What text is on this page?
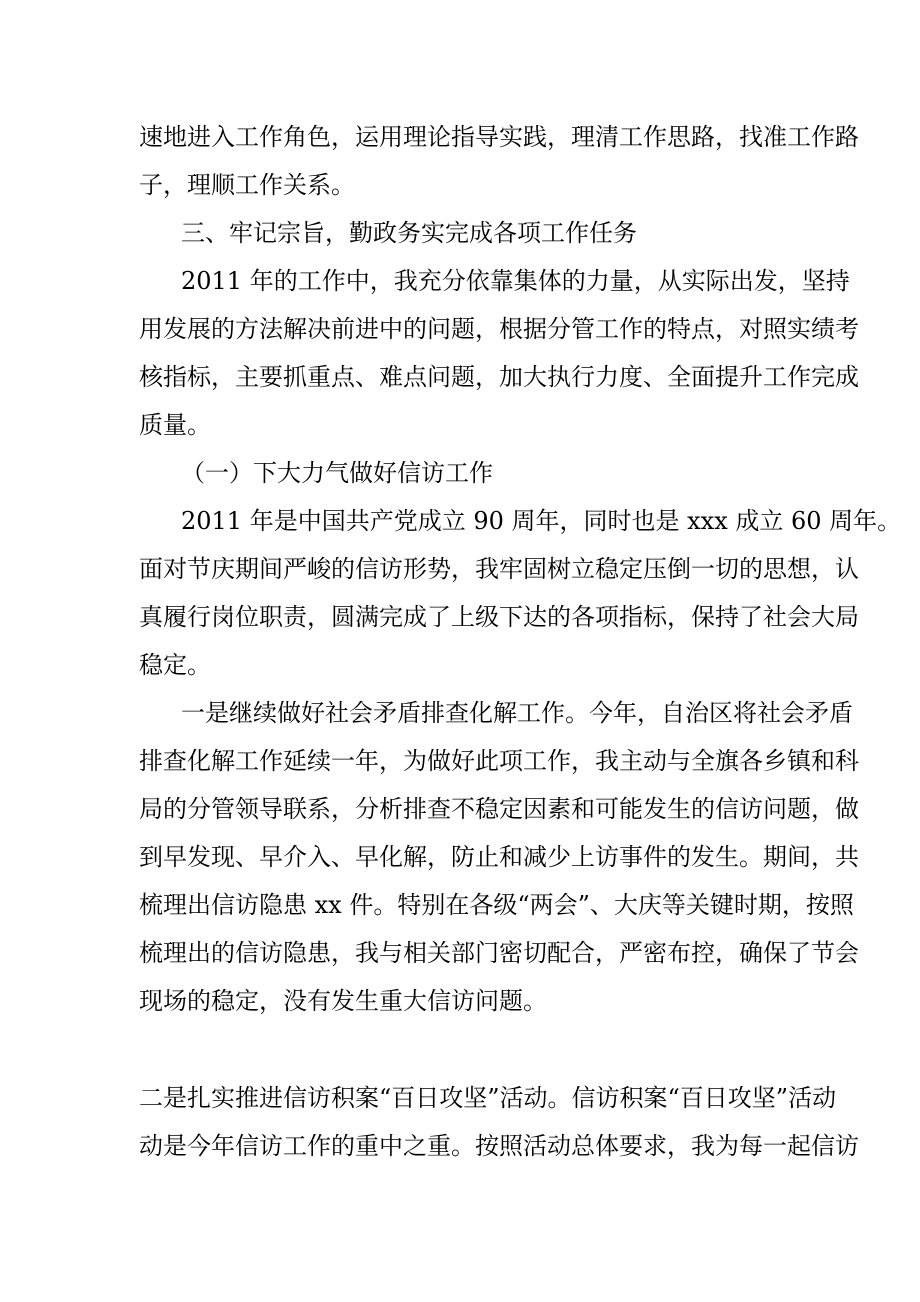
速地进入工作角色，运用理论指导实践，理清工作思路，找准工作路
子，理顺工作关系。
三、牢记宗旨，勤政务实完成各项工作任务
2011 年的工作中，我充分依靠集体的力量，从实际出发，坚持
用发展的方法解决前进中的问题，根据分管工作的特点，对照实绩考
核指标，主要抓重点、难点问题，加大执行力度、全面提升工作完成
质量。
（一）下大力气做好信访工作
2011 年是中国共产党成立 90 周年，同时也是 xxx 成立 60 周年。
面对节庆期间严峻的信访形势，我牢固树立稳定压倒一切的思想，认
真履行岗位职责，圆满完成了上级下达的各项指标，保持了社会大局
稳定。
一是继续做好社会矛盾排查化解工作。今年，自治区将社会矛盾
排查化解工作延续一年，为做好此项工作，我主动与全旗各乡镇和科
局的分管领导联系，分析排查不稳定因素和可能发生的信访问题，做
到早发现、早介入、早化解，防止和减少上访事件的发生。期间，共
梳理出信访隐患 xx 件。特别在各级“两会”、大庆等关键时期，按照
梳理出的信访隐患，我与相关部门密切配合，严密布控，确保了节会
现场的稳定，没有发生重大信访问题。
二是扎实推进信访积案“百日攻坚”活动。信访积案“百日攻坚”活动
动是今年信访工作的重中之重。按照活动总体要求，我为每一起信访
